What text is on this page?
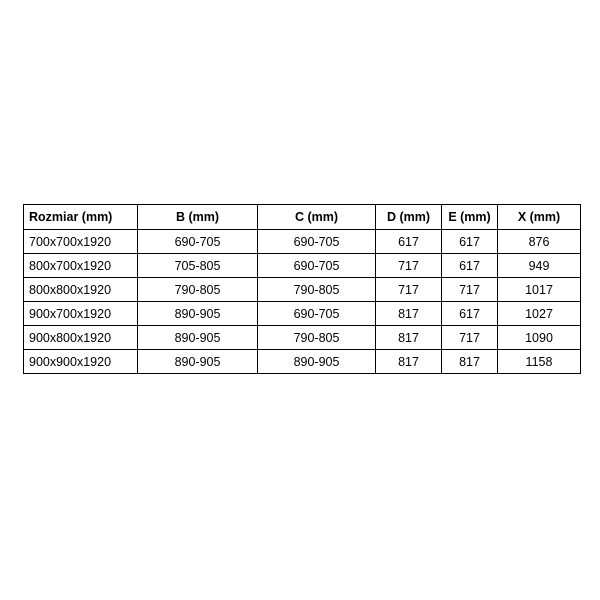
Rozmiar (mm)	B (mm)	C (mm)	D (mm)	E (mm)	X (mm)
700x700x1920	690-705	690-705	617	617	876
800x700x1920	705-805	690-705	717	617	949
800x800x1920	790-805	790-805	717	717	1017
900x700x1920	890-905	690-705	817	617	1027
900x800x1920	890-905	790-805	817	717	1090
900x900x1920	890-905	890-905	817	817	1158
